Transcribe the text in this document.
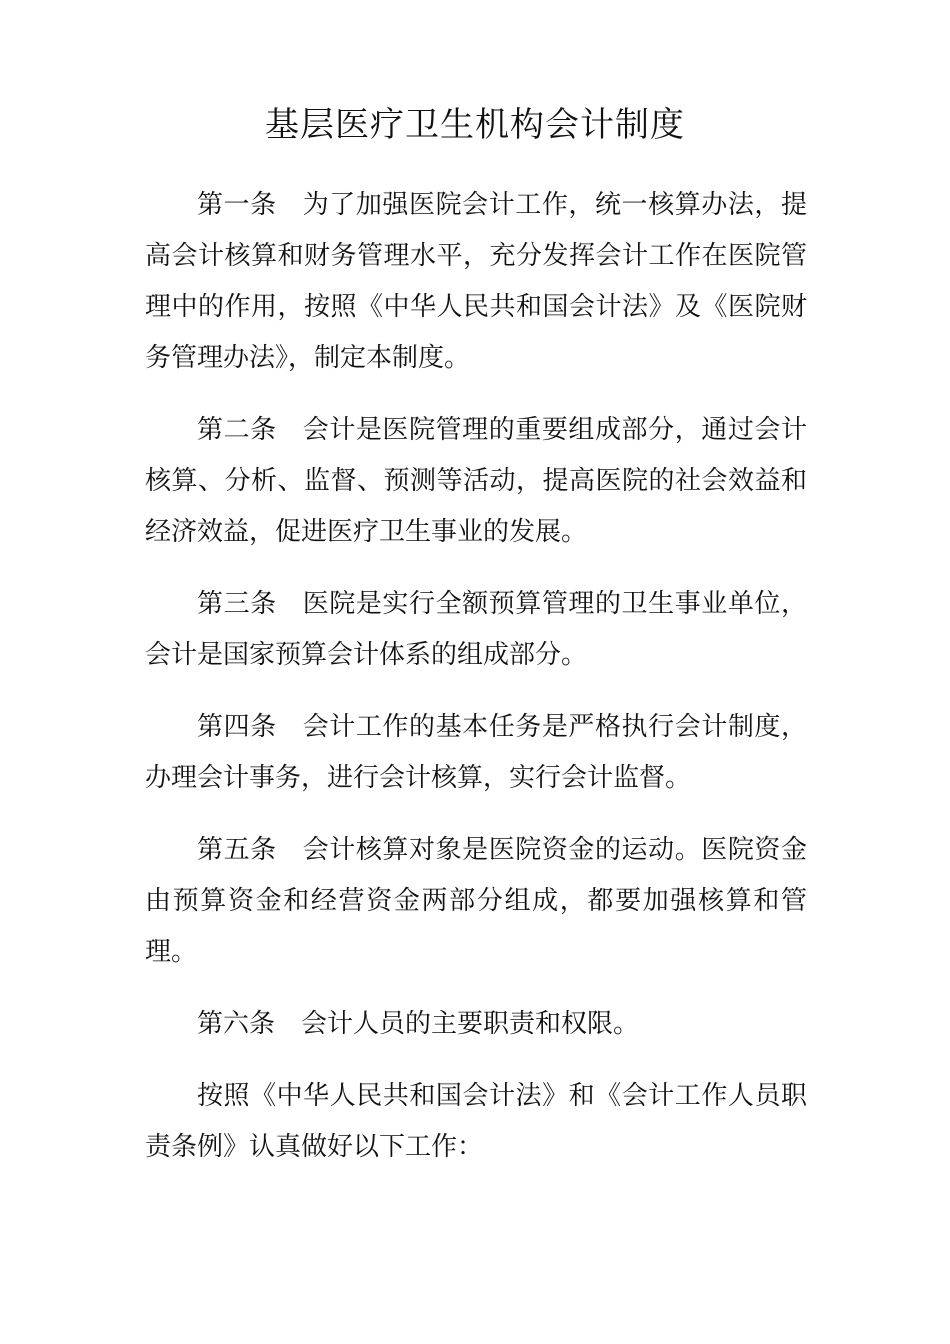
基层医疗卫生机构会计制度

第一条 为了加强医院会计工作，统一核算办法，提高会计核算和财务管理水平，充分发挥会计工作在医院管理中的作用，按照《中华人民共和国会计法》及《医院财务管理办法》，制定本制度。

第二条 会计是医院管理的重要组成部分，通过会计核算、分析、监督、预测等活动，提高医院的社会效益和经济效益，促进医疗卫生事业的发展。

第三条 医院是实行全额预算管理的卫生事业单位，会计是国家预算会计体系的组成部分。

第四条 会计工作的基本任务是严格执行会计制度，办理会计事务，进行会计核算，实行会计监督。

第五条 会计核算对象是医院资金的运动。医院资金由预算资金和经营资金两部分组成，都要加强核算和管理。

第六条 会计人员的主要职责和权限。

按照《中华人民共和国会计法》和《会计工作人员职责条例》认真做好以下工作：
